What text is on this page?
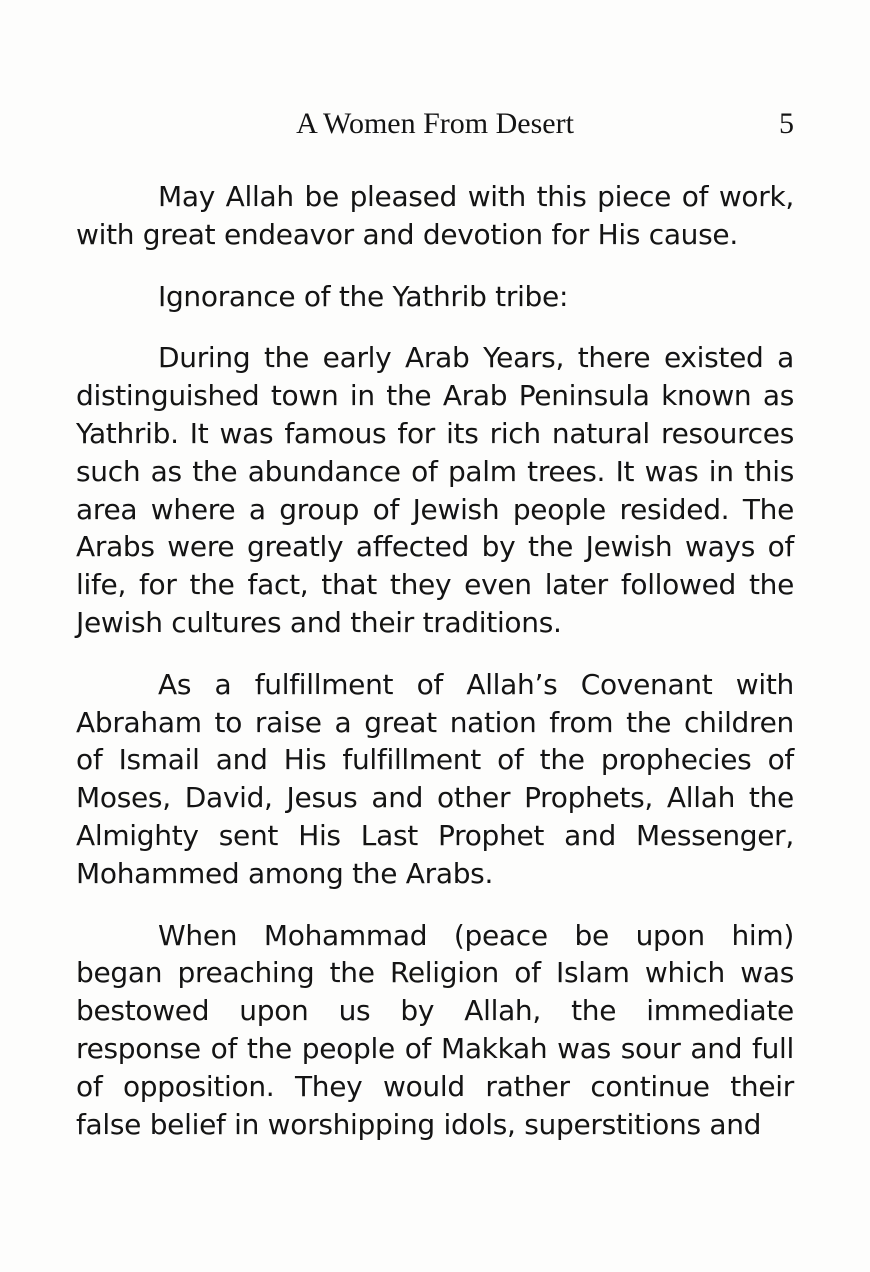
A Women From Desert	5

May Allah be pleased with this piece of work, with great endeavor and devotion for His cause.

Ignorance of the Yathrib tribe:

During the early Arab Years, there existed a distinguished town in the Arab Peninsula known as Yathrib. It was famous for its rich natural resources such as the abundance of palm trees. It was in this area where a group of Jewish people resided. The Arabs were greatly affected by the Jewish ways of life, for the fact, that they even later followed the Jewish cultures and their traditions.

As a fulfillment of Allah’s Covenant with Abraham to raise a great nation from the children of Ismail and His fulfillment of the prophecies of Moses, David, Jesus and other Prophets, Allah the Almighty sent His Last Prophet and Messenger, Mohammed among the Arabs.

When Mohammad (peace be upon him) began preaching the Religion of Islam which was bestowed upon us by Allah, the immediate response of the people of Makkah was sour and full of opposition. They would rather continue their false belief in worshipping idols, superstitions and
